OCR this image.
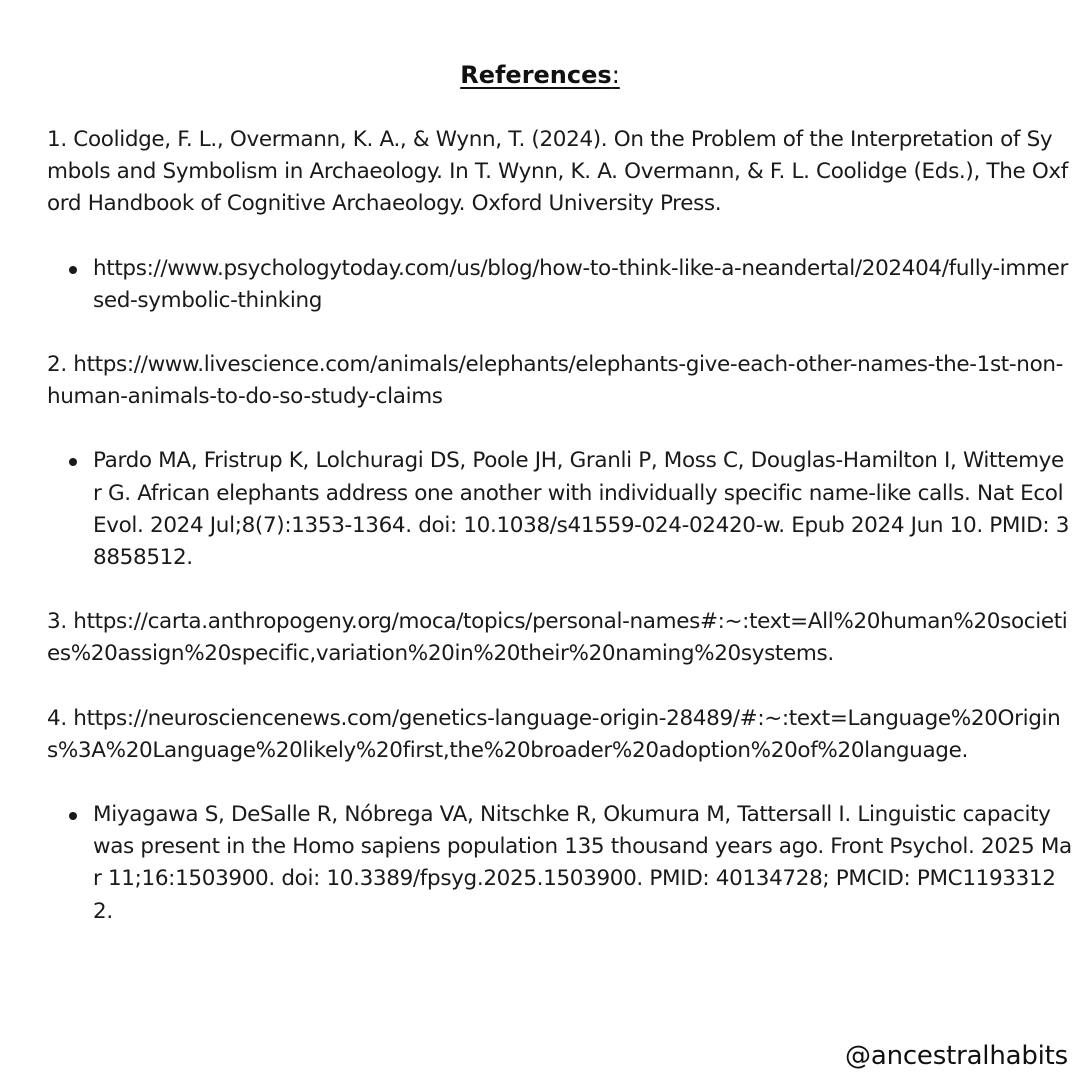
References:

1. Coolidge, F. L., Overmann, K. A., & Wynn, T. (2024). On the Problem of the Interpretation of Symbols and Symbolism in Archaeology. In T. Wynn, K. A. Overmann, & F. L. Coolidge (Eds.), The Oxford Handbook of Cognitive Archaeology. Oxford University Press.

https://www.psychologytoday.com/us/blog/how-to-think-like-a-neandertal/202404/fully-immersed-symbolic-thinking

2. https://www.livescience.com/animals/elephants/elephants-give-each-other-names-the-1st-non-human-animals-to-do-so-study-claims

Pardo MA, Fristrup K, Lolchuragi DS, Poole JH, Granli P, Moss C, Douglas-Hamilton I, Wittemyer G. African elephants address one another with individually specific name-like calls. Nat Ecol Evol. 2024 Jul;8(7):1353-1364. doi: 10.1038/s41559-024-02420-w. Epub 2024 Jun 10. PMID: 38858512.

3. https://carta.anthropogeny.org/moca/topics/personal-names#:~:text=All%20human%20societies%20assign%20specific,variation%20in%20their%20naming%20systems.

4. https://neurosciencenews.com/genetics-language-origin-28489/#:~:text=Language%20Origins%3A%20Language%20likely%20first,the%20broader%20adoption%20of%20language.

Miyagawa S, DeSalle R, Nóbrega VA, Nitschke R, Okumura M, Tattersall I. Linguistic capacity was present in the Homo sapiens population 135 thousand years ago. Front Psychol. 2025 Mar 11;16:1503900. doi: 10.3389/fpsyg.2025.1503900. PMID: 40134728; PMCID: PMC11933122.
@ancestralhabits
